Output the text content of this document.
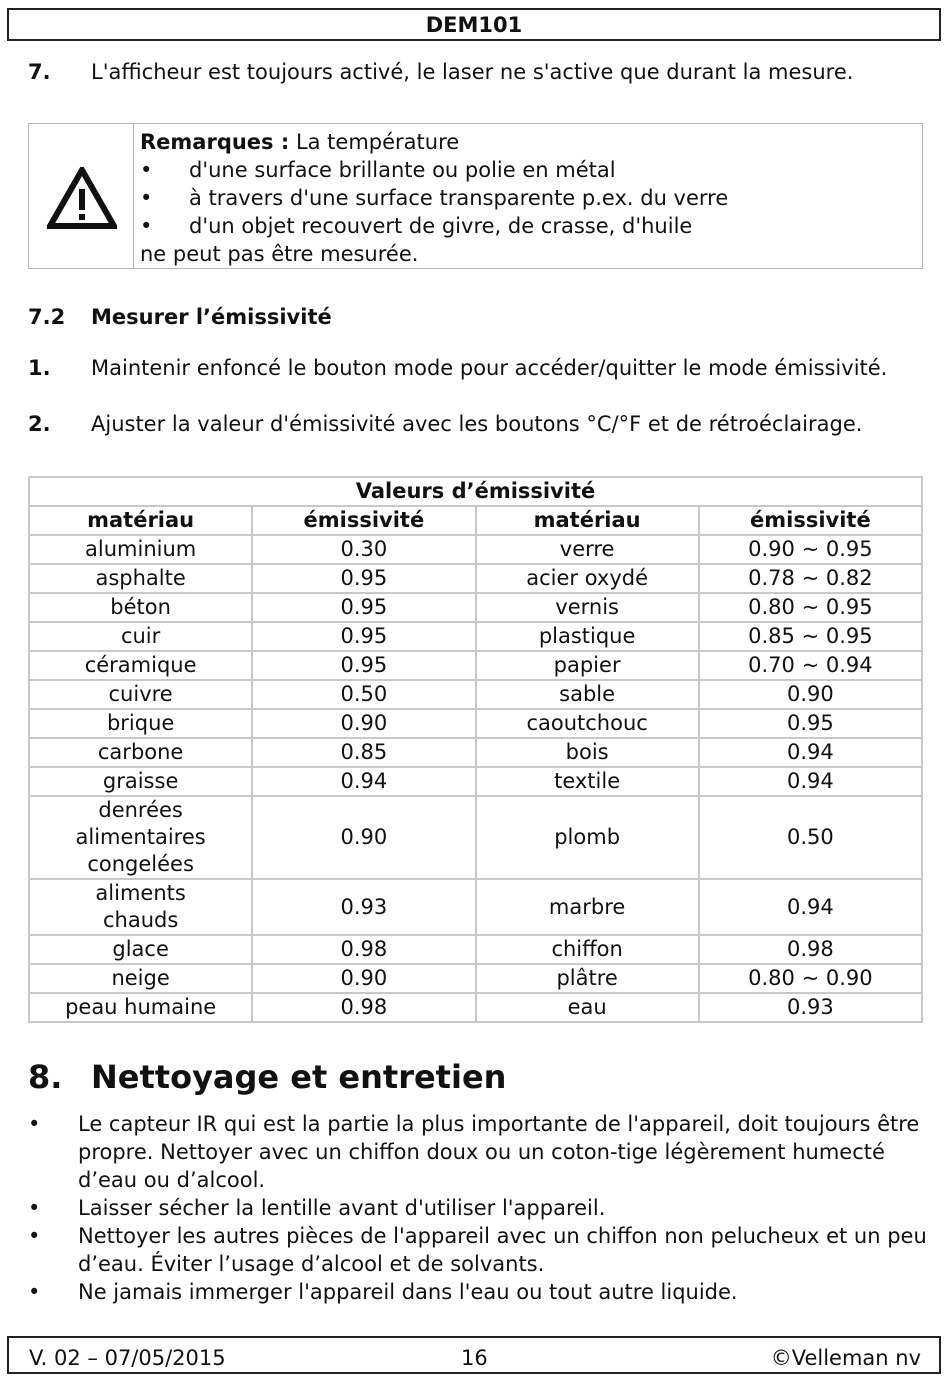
DEM101
7. L'afficheur est toujours activé, le laser ne s'active que durant la mesure.
Remarques : La température
• d'une surface brillante ou polie en métal
• à travers d'une surface transparente p.ex. du verre
• d'un objet recouvert de givre, de crasse, d'huile
ne peut pas être mesurée.
7.2 Mesurer l’émissivité
1. Maintenir enfoncé le bouton mode pour accéder/quitter le mode émissivité.
2. Ajuster la valeur d'émissivité avec les boutons °C/°F et de rétroéclairage.
Valeurs d’émissivité			
matériau	émissivité	matériau	émissivité
aluminium	0.30	verre	0.90 ~ 0.95
asphalte	0.95	acier oxydé	0.78 ~ 0.82
béton	0.95	vernis	0.80 ~ 0.95
cuir	0.95	plastique	0.85 ~ 0.95
céramique	0.95	papier	0.70 ~ 0.94
cuivre	0.50	sable	0.90
brique	0.90	caoutchouc	0.95
carbone	0.85	bois	0.94
graisse	0.94	textile	0.94
denrées alimentaires congelées	0.90	plomb	0.50
aliments chauds	0.93	marbre	0.94
glace	0.98	chiffon	0.98
neige	0.90	plâtre	0.80 ~ 0.90
peau humaine	0.98	eau	0.93
8. Nettoyage et entretien
• Le capteur IR qui est la partie la plus importante de l'appareil, doit toujours être propre. Nettoyer avec un chiffon doux ou un coton-tige légèrement humecté d’eau ou d’alcool.
• Laisser sécher la lentille avant d'utiliser l'appareil.
• Nettoyer les autres pièces de l'appareil avec un chiffon non pelucheux et un peu d’eau. Éviter l’usage d’alcool et de solvants.
• Ne jamais immerger l'appareil dans l'eau ou tout autre liquide.
V. 02 – 07/05/2015	16	©Velleman nv
